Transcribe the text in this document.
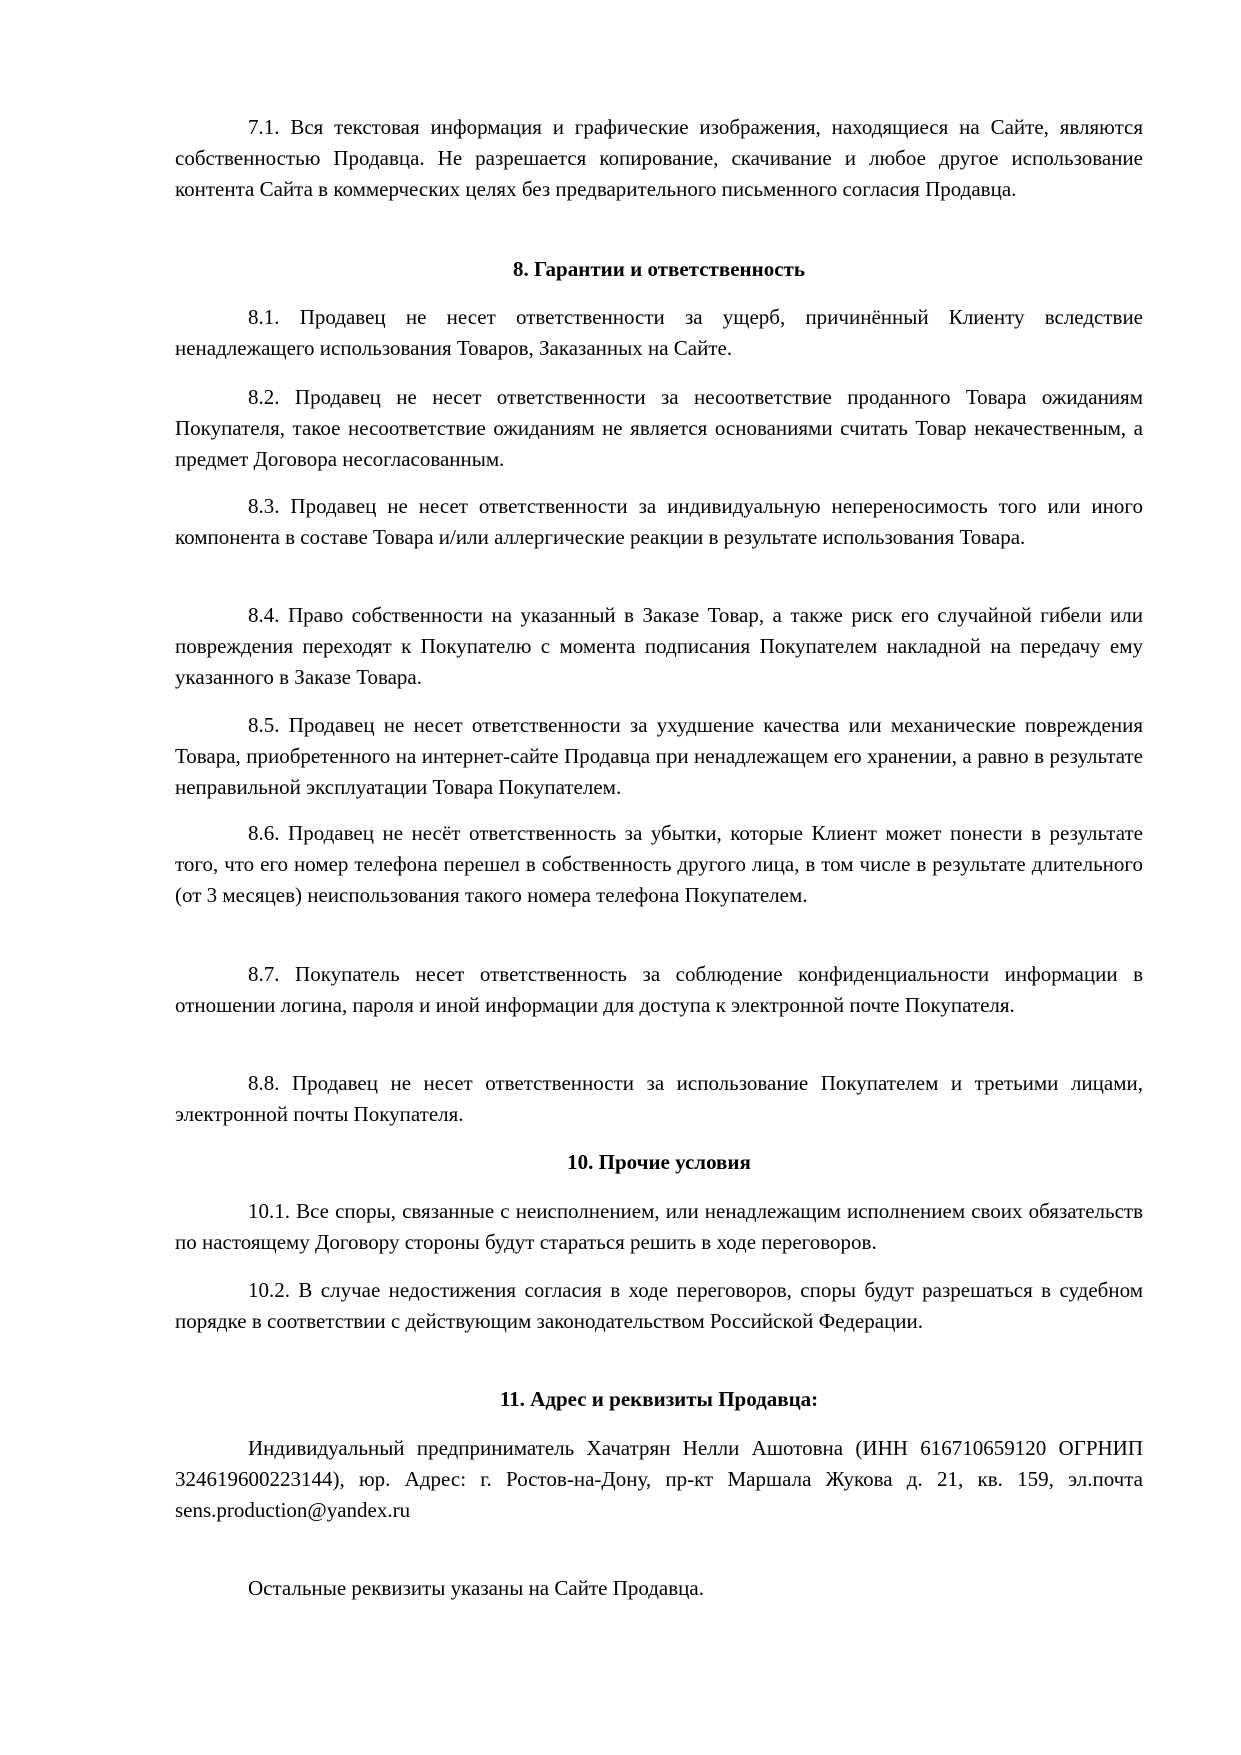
7.1. Вся текстовая информация и графические изображения, находящиеся на Сайте, являются собственностью Продавца. Не разрешается копирование, скачивание и любое другое использование контента Сайта в коммерческих целях без предварительного письменного согласия Продавца.

8. Гарантии и ответственность

8.1. Продавец не несет ответственности за ущерб, причинённый Клиенту вследствие ненадлежащего использования Товаров, Заказанных на Сайте.

8.2. Продавец не несет ответственности за несоответствие проданного Товара ожиданиям Покупателя, такое несоответствие ожиданиям не является основаниями считать Товар некачественным, а предмет Договора несогласованным.

8.3. Продавец не несет ответственности за индивидуальную непереносимость того или иного компонента в составе Товара и/или аллергические реакции в результате использования Товара.

8.4. Право собственности на указанный в Заказе Товар, а также риск его случайной гибели или повреждения переходят к Покупателю с момента подписания Покупателем накладной на передачу ему указанного в Заказе Товара.

8.5. Продавец не несет ответственности за ухудшение качества или механические повреждения Товара, приобретенного на интернет-сайте Продавца при ненадлежащем его хранении, а равно в результате неправильной эксплуатации Товара Покупателем.

8.6. Продавец не несёт ответственность за убытки, которые Клиент может понести в результате того, что его номер телефона перешел в собственность другого лица, в том числе в результате длительного (от 3 месяцев) неиспользования такого номера телефона Покупателем.

8.7. Покупатель несет ответственность за соблюдение конфиденциальности информации в отношении логина, пароля и иной информации для доступа к электронной почте Покупателя.

8.8. Продавец не несет ответственности за использование Покупателем и третьими лицами, электронной почты Покупателя.

10. Прочие условия

10.1. Все споры, связанные с неисполнением, или ненадлежащим исполнением своих обязательств по настоящему Договору стороны будут стараться решить в ходе переговоров.

10.2. В случае недостижения согласия в ходе переговоров, споры будут разрешаться в судебном порядке в соответствии с действующим законодательством Российской Федерации.

11. Адрес и реквизиты Продавца:

Индивидуальный предприниматель Хачатрян Нелли Ашотовна (ИНН 616710659120 ОГРНИП 324619600223144), юр. Адрес: г. Ростов-на-Дону, пр-кт Маршала Жукова д. 21, кв. 159, эл.почта sens.production@yandex.ru

Остальные реквизиты указаны на Сайте Продавца.
